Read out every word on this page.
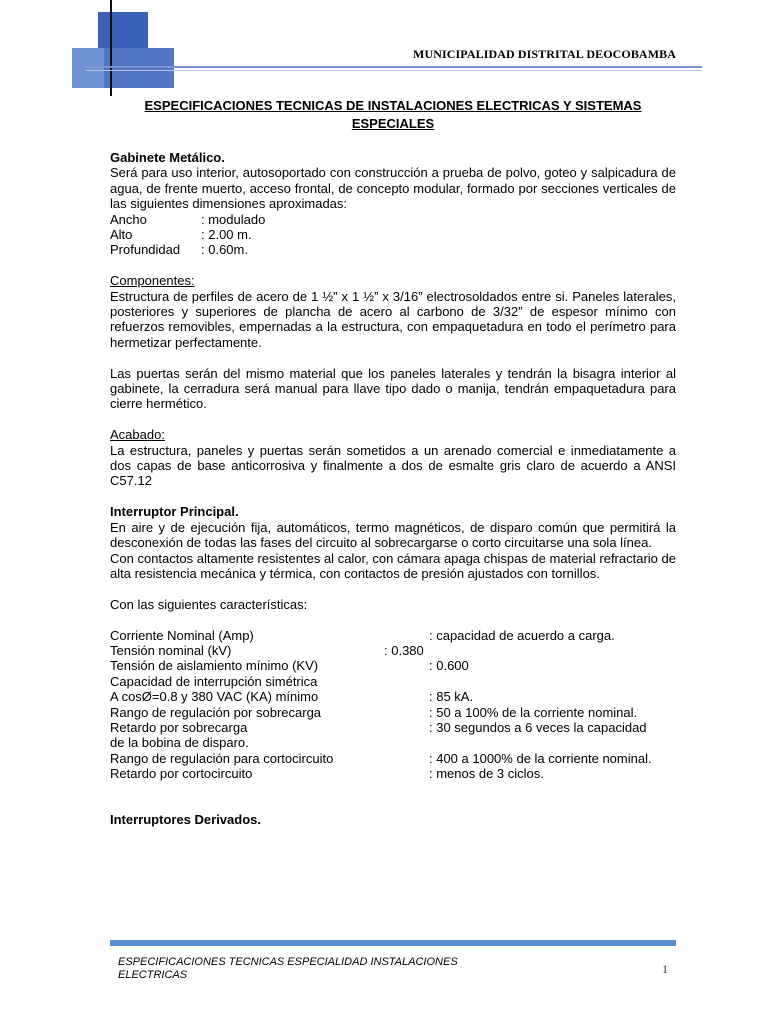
MUNICIPALIDAD DISTRITAL DEOCOBAMBA

ESPECIFICACIONES TECNICAS DE INSTALACIONES ELECTRICAS Y SISTEMAS ESPECIALES

Gabinete Metálico.

Será para uso interior, autosoportado con construcción a prueba de polvo, goteo y salpicadura de agua, de frente muerto, acceso frontal, de concepto modular, formado por secciones verticales de las siguientes dimensiones aproximadas:

Ancho	: modulado
Alto	: 2.00 m.
Profundidad	: 0.60m.

Componentes:

Estructura de perfiles de acero de 1 ½” x 1 ½” x 3/16” electrosoldados entre si. Paneles laterales, posteriores y superiores de plancha de acero al carbono de 3/32” de espesor mínimo con refuerzos removibles, empernadas a la estructura, con empaquetadura en todo el perímetro para hermetizar perfectamente.

Las puertas serán del mismo material que los paneles laterales y tendrán la bisagra interior al gabinete, la cerradura será manual para llave tipo dado o manija, tendrán empaquetadura para cierre hermético.

Acabado:

La estructura, paneles y puertas serán sometidos a un arenado comercial e inmediatamente a dos capas de base anticorrosiva y finalmente a dos de esmalte gris claro de acuerdo a ANSI C57.12

Interruptor Principal.

En aire y de ejecución fija, automáticos, termo magnéticos, de disparo común que permitirá la desconexión de todas las fases del circuito al sobrecargarse o corto circuitarse una sola línea.

Con contactos altamente resistentes al calor, con cámara apaga chispas de material refractario de alta resistencia mecánica y térmica, con contactos de presión ajustados con tornillos.

Con las siguientes características:

Corriente Nominal (Amp)	: capacidad de acuerdo a carga.
Tensión nominal (kV)	: 0.380
Tensión de aislamiento mínimo (KV)	: 0.600
Capacidad de interrupción simétrica
A cosØ=0.8 y 380 VAC (KA) mínimo	: 85 kA.
Rango de regulación por sobrecarga	: 50 a 100% de la corriente nominal.
Retardo por sobrecarga	: 30 segundos a 6 veces la capacidad
de la bobina de disparo.
Rango de regulación para cortocircuito	: 400 a 1000% de la corriente nominal.
Retardo por cortocircuito	: menos de 3 ciclos.

Interruptores Derivados.

ESPECIFICACIONES TECNICAS ESPECIALIDAD INSTALACIONES ELECTRICAS	1
